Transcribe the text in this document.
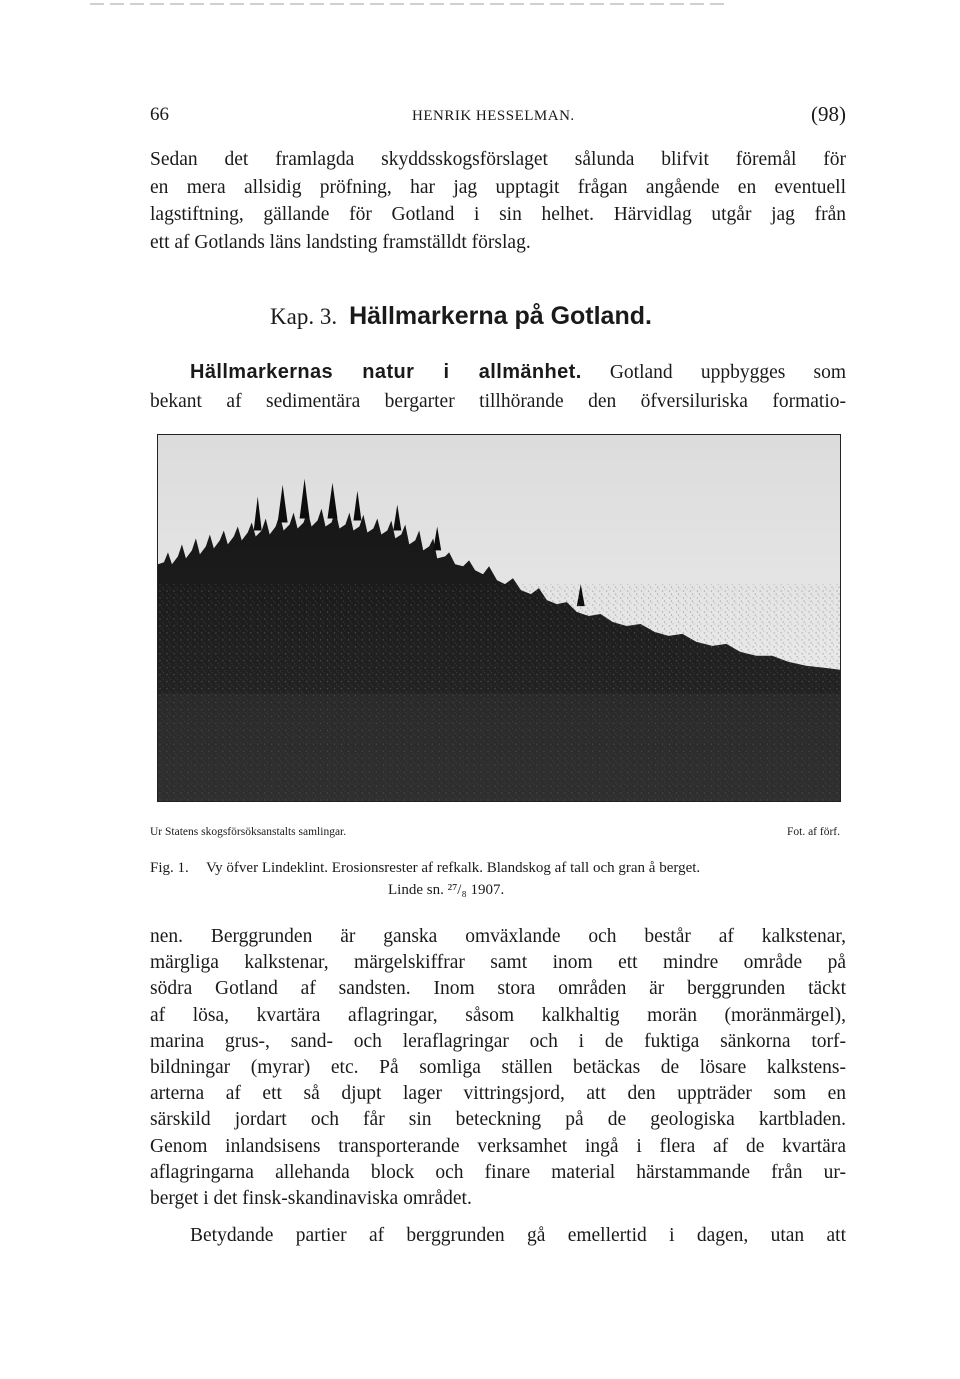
66	HENRIK HESSELMAN.	(98)
Sedan det framlagda skyddsskogsförslaget sålunda blifvit föremål för
en mera allsidig pröfning, har jag upptagit frågan angående en eventuell
lagstiftning, gällande för Gotland i sin helhet. Härvidlag utgår jag från
ett af Gotlands läns landsting framställdt förslag.
Kap. 3. Hällmarkerna på Gotland.
Hällmarkernas natur i allmänhet. Gotland uppbygges som
bekant af sedimentära bergarter tillhörande den öfversiluriska formatio-
Ur Statens skogsförsöksanstalts samlingar.	Fot. af förf.
Fig. 1. Vy öfver Lindeklint. Erosionsrester af refkalk. Blandskog af tall och gran å berget.
Linde sn. ²⁷/₈ 1907.
nen. Berggrunden är ganska omväxlande och består af kalkstenar,
märgliga kalkstenar, märgelskiffrar samt inom ett mindre område på
södra Gotland af sandsten. Inom stora områden är berggrunden täckt
af lösa, kvartära aflagringar, såsom kalkhaltig morän (moränmärgel),
marina grus-, sand- och leraflagringar och i de fuktiga sänkorna torf-
bildningar (myrar) etc. På somliga ställen betäckas de lösare kalkstens-
arterna af ett så djupt lager vittringsjord, att den uppträder som en
särskild jordart och får sin beteckning på de geologiska kartbladen.
Genom inlandsisens transporterande verksamhet ingå i flera af de kvartära
aflagringarna allehanda block och finare material härstammande från ur-
berget i det finsk-skandinaviska området.
Betydande partier af berggrunden gå emellertid i dagen, utan att
